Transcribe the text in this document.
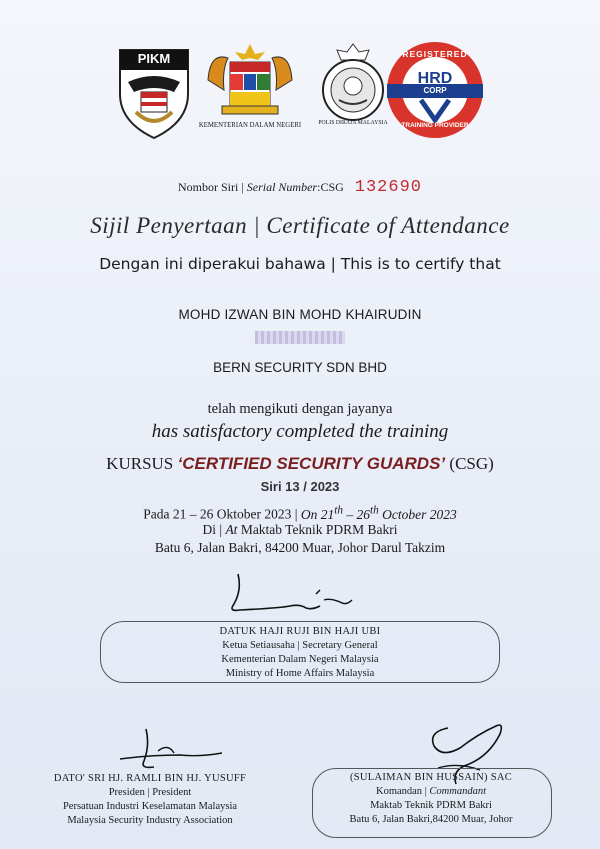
PIKM
KEMENTERIAN DALAM NEGERI	POLIS DIRAJA MALAYSIA
REGISTERED
HRD
CORP
TRAINING PROVIDER
Nombor Siri | Serial Number:CSG 132690
Sijil Penyertaan | Certificate of Attendance
Dengan ini diperakui bahawa | This is to certify that
MOHD IZWAN BIN MOHD KHAIRUDIN
BERN SECURITY SDN BHD
telah mengikuti dengan jayanya
has satisfactory completed the training
KURSUS ‘CERTIFIED SECURITY GUARDS’ (CSG)
Siri 13 / 2023
Pada 21 – 26 Oktober 2023 | On 21th – 26th October 2023
Di | At Maktab Teknik PDRM Bakri
Batu 6, Jalan Bakri, 84200 Muar, Johor Darul Takzim
DATUK HAJI RUJI BIN HAJI UBI
Ketua Setiausaha | Secretary General
Kementerian Dalam Negeri Malaysia
Ministry of Home Affairs Malaysia
DATO' SRI HJ. RAMLI BIN HJ. YUSUFF
Presiden | President
Persatuan Industri Keselamatan Malaysia
Malaysia Security Industry Association
(SULAIMAN BIN HUSSAIN) SAC
Komandan | Commandant
Maktab Teknik PDRM Bakri
Batu 6, Jalan Bakri,84200 Muar, Johor
